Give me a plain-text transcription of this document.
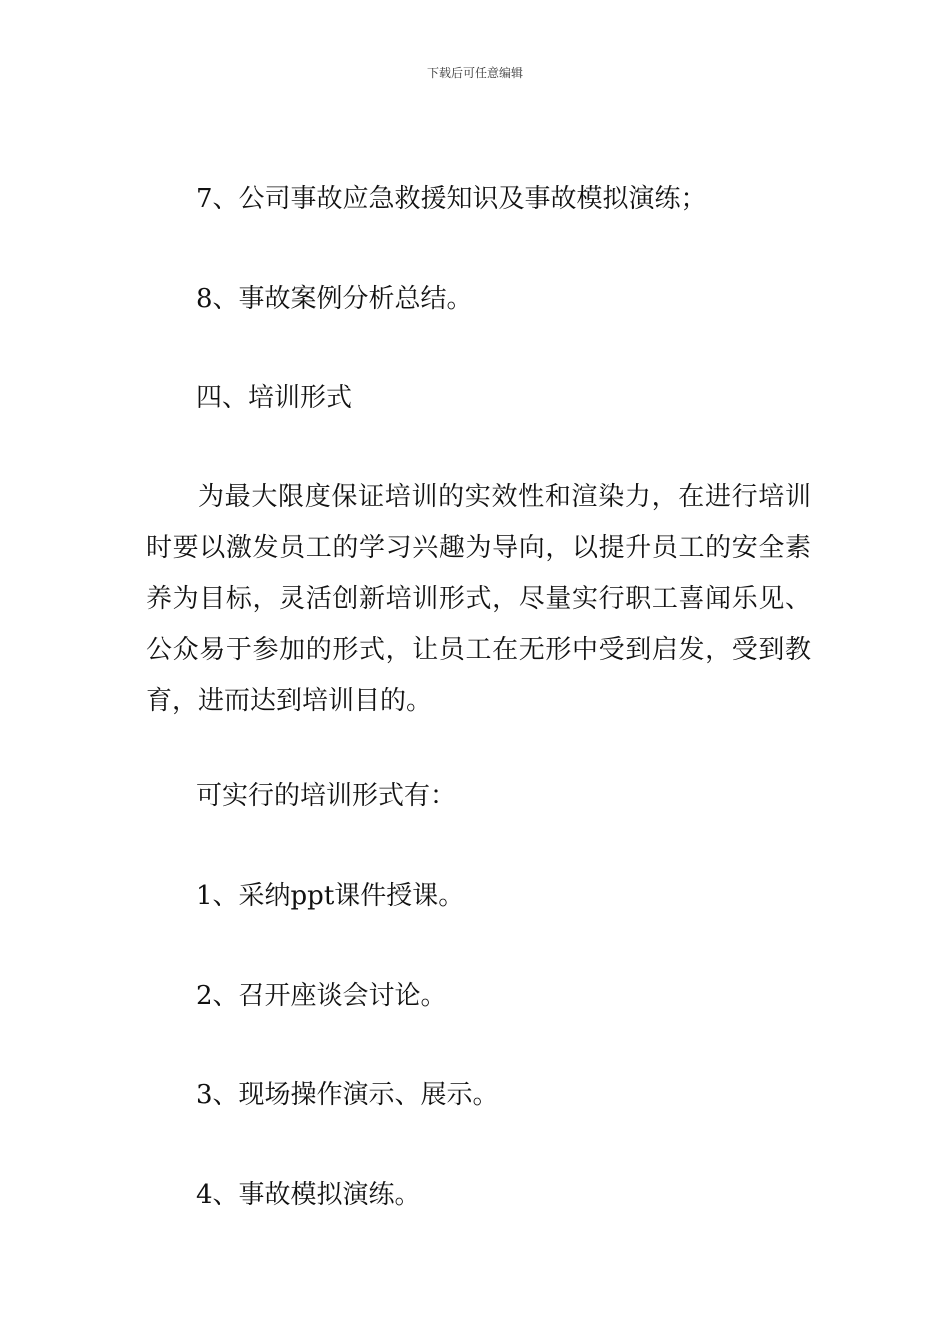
下载后可任意编辑
7、公司事故应急救援知识及事故模拟演练；
8、事故案例分析总结。
四、培训形式
为最大限度保证培训的实效性和渲染力，在进行培训时要以激发员工的学习兴趣为导向，以提升员工的安全素养为目标，灵活创新培训形式，尽量实行职工喜闻乐见、公众易于参加的形式，让员工在无形中受到启发，受到教育，进而达到培训目的。
可实行的培训形式有：
1、采纳ppt课件授课。
2、召开座谈会讨论。
3、现场操作演示、展示。
4、事故模拟演练。
